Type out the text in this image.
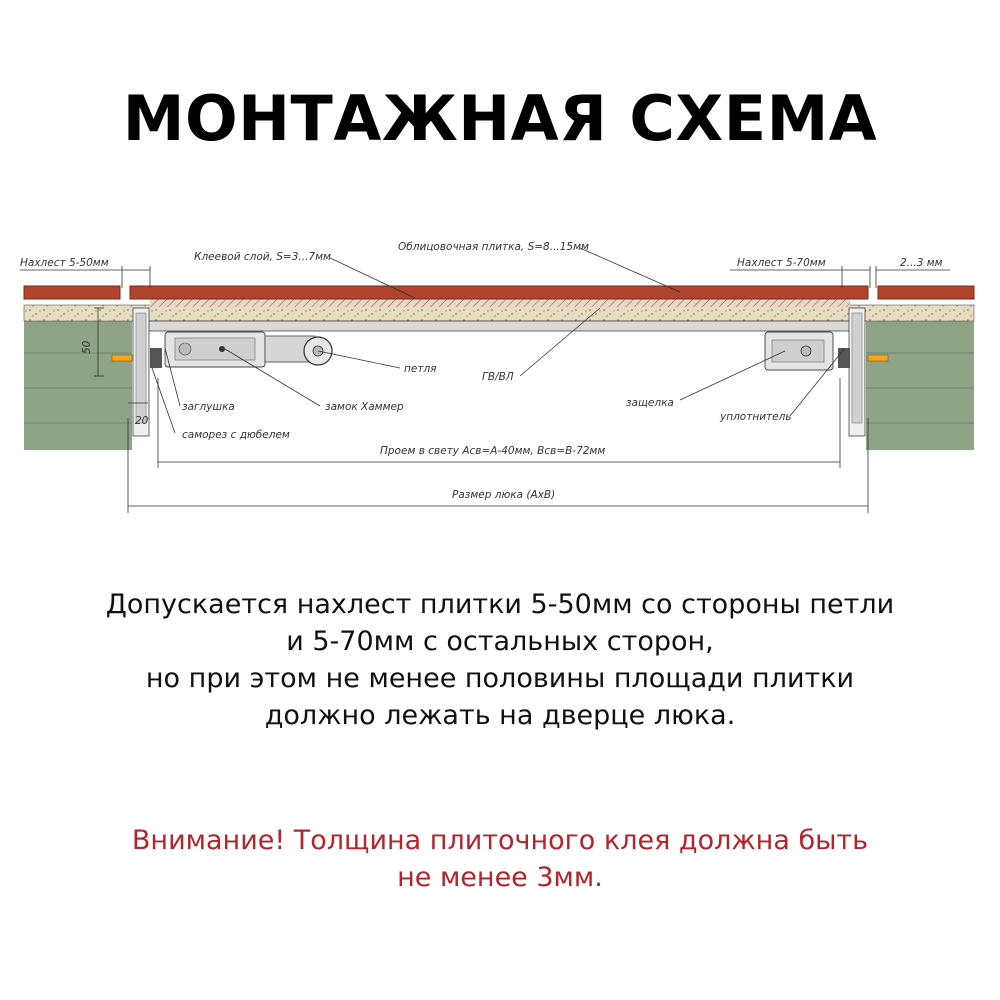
МОНТАЖНАЯ СХЕМА
Нахлест 5-50мм	Клеевой слой, S=3...7мм
Облицовочная плитка, S=8...15мм
Нахлест 5-70мм	2...3 мм
50
20
петля
ГВ/ВЛ
защелка
уплотнитель
заглушка	замок Хаммер
саморез с дюбелем
Проем в свету Асв=А-40мм, Всв=В-72мм
Размер люка (АхВ)
Допускается нахлест плитки 5-50мм со стороны петли
и 5-70мм с остальных сторон,
но при этом не менее половины площади плитки
должно лежать на дверце люка.
Внимание! Толщина плиточного клея должна быть
не менее 3мм.
